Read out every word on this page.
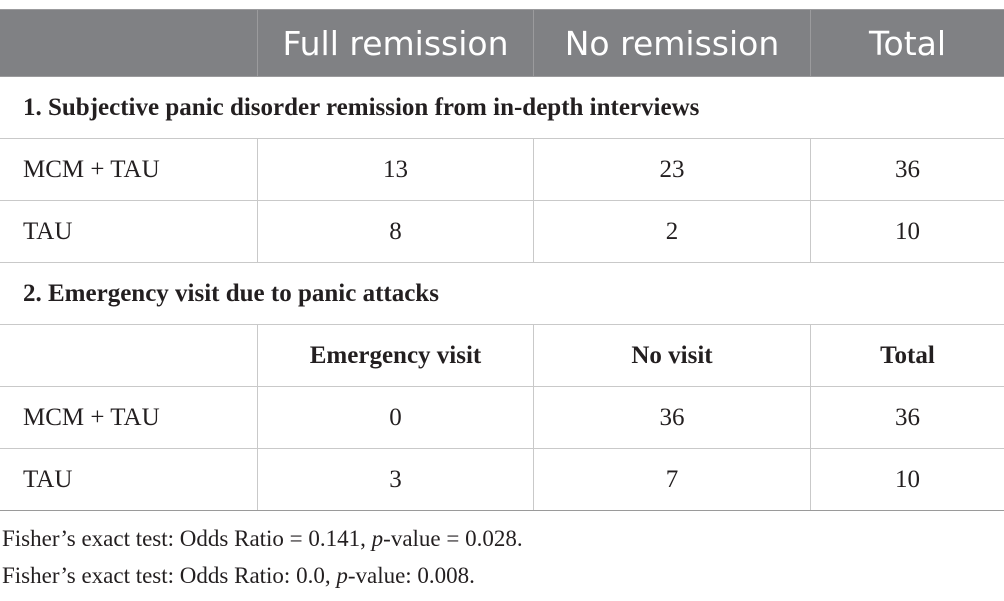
	Full remission	No remission	Total
1. Subjective panic disorder remission from in-depth interviews			
MCM + TAU	13	23	36
TAU	8	2	10
2. Emergency visit due to panic attacks			
	Emergency visit	No visit	Total
MCM + TAU	0	36	36
TAU	3	7	10
Fisher’s exact test: Odds Ratio = 0.141, p-value = 0.028.
Fisher’s exact test: Odds Ratio: 0.0, p-value: 0.008.
